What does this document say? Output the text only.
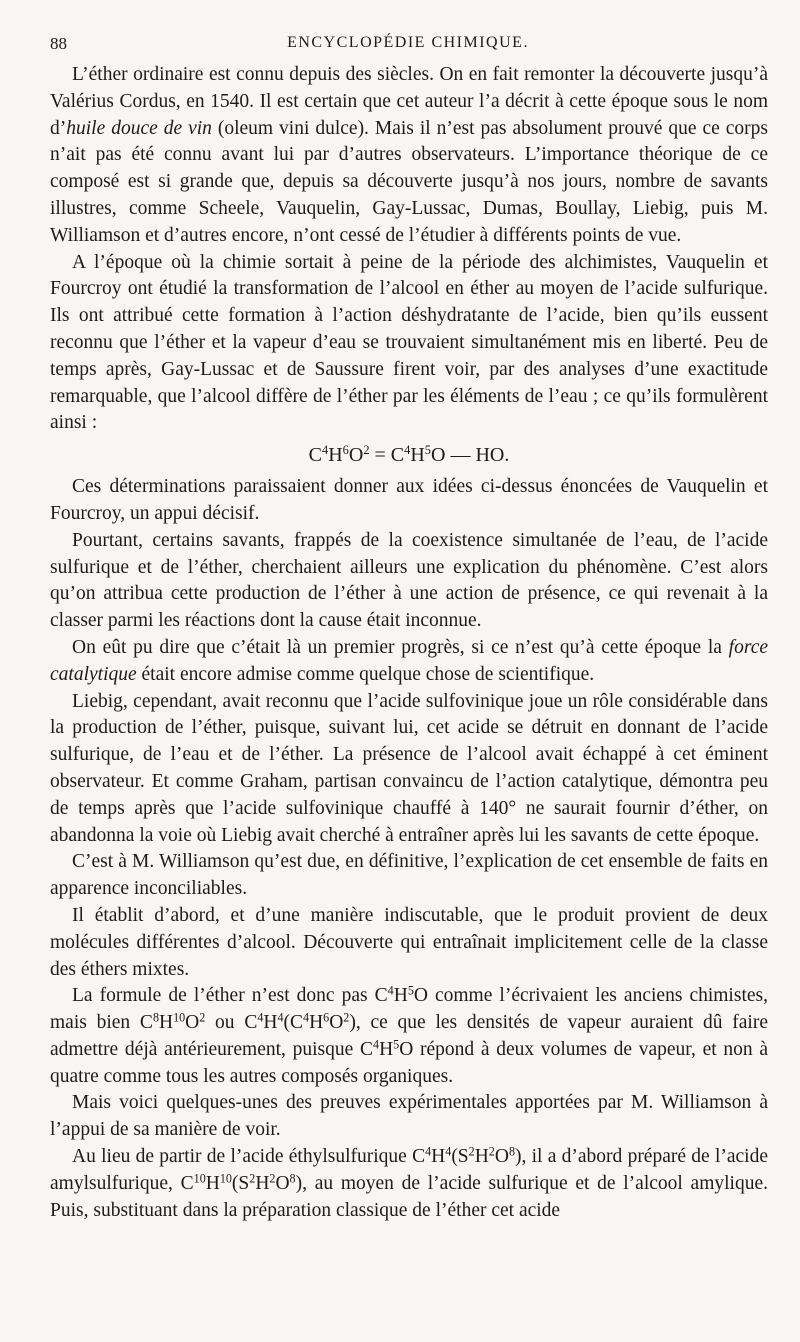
88	ENCYCLOPÉDIE CHIMIQUE.

L’éther ordinaire est connu depuis des siècles. On en fait remonter la découverte jusqu’à Valérius Cordus, en 1540. Il est certain que cet auteur l’a décrit à cette époque sous le nom d’huile douce de vin (oleum vini dulce). Mais il n’est pas absolument prouvé que ce corps n’ait pas été connu avant lui par d’autres observateurs. L’importance théorique de ce composé est si grande que, depuis sa découverte jusqu’à nos jours, nombre de savants illustres, comme Scheele, Vauquelin, Gay-Lussac, Dumas, Boullay, Liebig, puis M. Williamson et d’autres encore, n’ont cessé de l’étudier à différents points de vue.

A l’époque où la chimie sortait à peine de la période des alchimistes, Vauquelin et Fourcroy ont étudié la transformation de l’alcool en éther au moyen de l’acide sulfurique. Ils ont attribué cette formation à l’action déshydratante de l’acide, bien qu’ils eussent reconnu que l’éther et la vapeur d’eau se trouvaient simultanément mis en liberté. Peu de temps après, Gay-Lussac et de Saussure firent voir, par des analyses d’une exactitude remarquable, que l’alcool diffère de l’éther par les éléments de l’eau ; ce qu’ils formulèrent ainsi :

$C^4H^6O^2 = C^4H^5O$ — HO.

Ces déterminations paraissaient donner aux idées ci-dessus énoncées de Vauquelin et Fourcroy, un appui décisif.

Pourtant, certains savants, frappés de la coexistence simultanée de l’eau, de l’acide sulfurique et de l’éther, cherchaient ailleurs une explication du phénomène. C’est alors qu’on attribua cette production de l’éther à une action de présence, ce qui revenait à la classer parmi les réactions dont la cause était inconnue.

On eût pu dire que c’était là un premier progrès, si ce n’est qu’à cette époque la force catalytique était encore admise comme quelque chose de scientifique.

Liebig, cependant, avait reconnu que l’acide sulfovinique joue un rôle considérable dans la production de l’éther, puisque, suivant lui, cet acide se détruit en donnant de l’acide sulfurique, de l’eau et de l’éther. La présence de l’alcool avait échappé à cet éminent observateur. Et comme Graham, partisan convaincu de l’action catalytique, démontra peu de temps après que l’acide sulfovinique chauffé à 140° ne saurait fournir d’éther, on abandonna la voie où Liebig avait cherché à entraîner après lui les savants de cette époque.

C’est à M. Williamson qu’est due, en définitive, l’explication de cet ensemble de faits en apparence inconciliables.

Il établit d’abord, et d’une manière indiscutable, que le produit provient de deux molécules différentes d’alcool. Découverte qui entraînait implicitement celle de la classe des éthers mixtes.

La formule de l’éther n’est donc pas $C^4H^5O$ comme l’écrivaient les anciens chimistes, mais bien $C^8H^{10}O^2$ ou $C^4H^4(C^4H^6O^2)$, ce que les densités de vapeur auraient dû faire admettre déjà antérieurement, puisque $C^4H^5O$ répond à deux volumes de vapeur, et non à quatre comme tous les autres composés organiques.

Mais voici quelques-unes des preuves expérimentales apportées par M. Williamson à l’appui de sa manière de voir.

Au lieu de partir de l’acide éthylsulfurique $C^4H^4(S^2H^2O^8)$, il a d’abord préparé de l’acide amylsulfurique, $C^{10}H^{10}(S^2H^2O^8)$, au moyen de l’acide sulfurique et de l’alcool amylique. Puis, substituant dans la préparation classique de l’éther cet acide
